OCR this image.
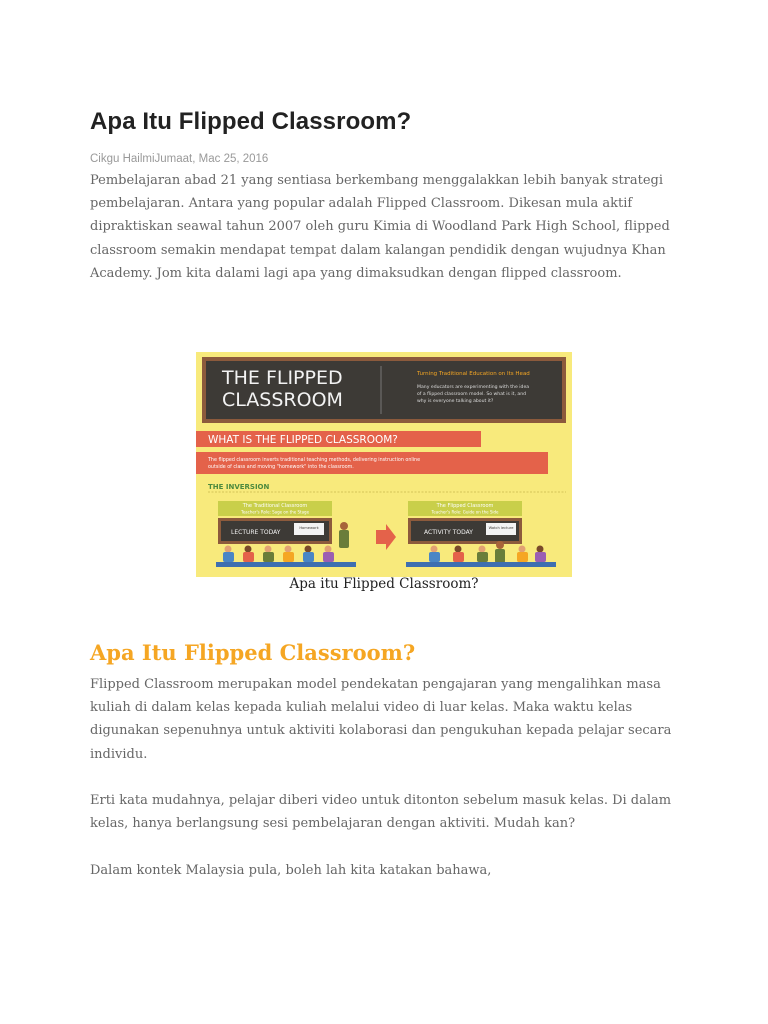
Apa Itu Flipped Classroom?
Cikgu HailmiJumaat, Mac 25, 2016

Pembelajaran abad 21 yang sentiasa berkembang menggalakkan lebih banyak strategi pembelajaran. Antara yang popular adalah Flipped Classroom. Dikesan mula aktif dipraktiskan seawal tahun 2007 oleh guru Kimia di Woodland Park High School, flipped classroom semakin mendapat tempat dalam kalangan pendidik dengan wujudnya Khan Academy. Jom kita dalami lagi apa yang dimaksudkan dengan flipped classroom.

THE FLIPPED
CLASSROOM
Turning Traditional Education on Its Head
Many educators are experimenting with the idea of a flipped classroom model. So what is it, and why is everyone talking about it?
WHAT IS THE FLIPPED CLASSROOM?
The flipped classroom inverts traditional teaching methods, delivering instruction online outside of class and moving "homework" into the classroom.
THE INVERSION
The Traditional Classroom
Teacher's Role: Sage on the Stage
LECTURE TODAY
Homework
The Flipped Classroom
Teacher's Role: Guide on the Side
ACTIVITY TODAY
Watch lecture
Apa itu Flipped Classroom?
Apa Itu Flipped Classroom?

Flipped Classroom merupakan model pendekatan pengajaran yang mengalihkan masa kuliah di dalam kelas kepada kuliah melalui video di luar kelas. Maka waktu kelas digunakan sepenuhnya untuk aktiviti kolaborasi dan pengukuhan kepada pelajar secara individu.

Erti kata mudahnya, pelajar diberi video untuk ditonton sebelum masuk kelas. Di dalam kelas, hanya berlangsung sesi pembelajaran dengan aktiviti. Mudah kan?

Dalam kontek Malaysia pula, boleh lah kita katakan bahawa,
